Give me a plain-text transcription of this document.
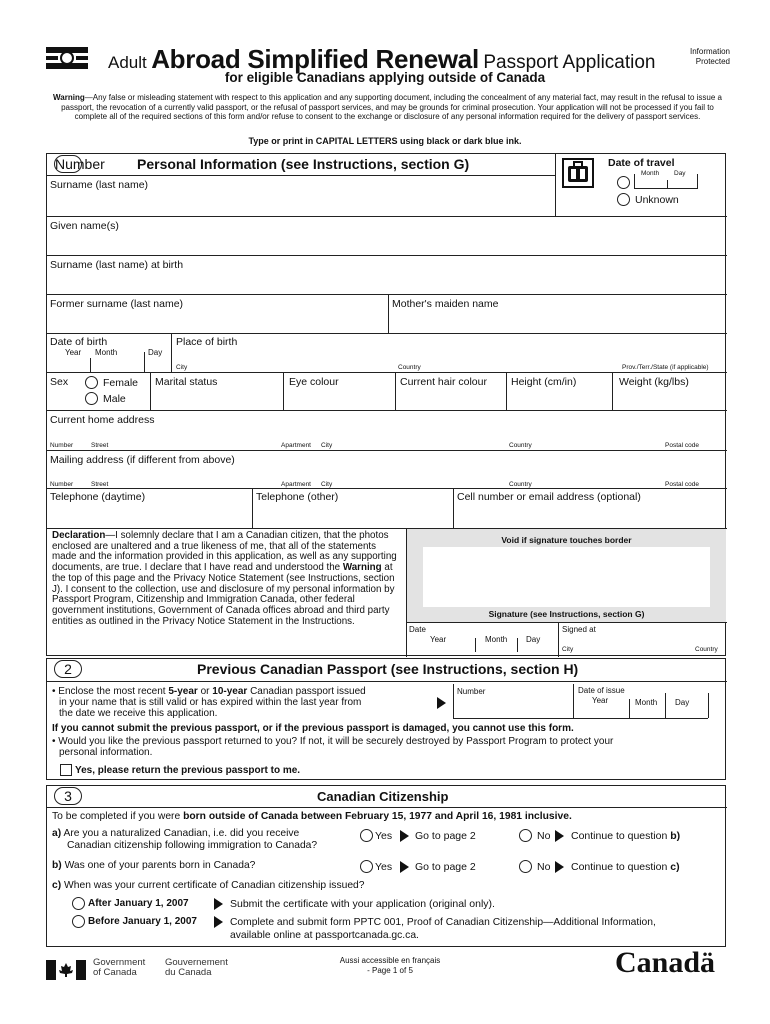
Adult Abroad Simplified Renewal Passport Application
Information
Protected
for eligible Canadians applying outside of Canada
Warning—Any false or misleading statement with respect to this application and any supporting document, including the concealment of any material fact, may result in the refusal to issue a passport, the revocation of a currently valid passport, or the refusal of passport services, and may be grounds for criminal prosecution. Your application will not be processed if you fail to complete all of the required sections of this form and/or refuse to consent to the exchange or disclosure of any personal information required for the delivery of passport services.
Type or print in CAPITAL LETTERS using black or dark blue ink.
Number Personal Information (see Instructions, section G)	Date of travel
Month Day
Unknown
Surname (last name)
Given name(s)
Surname (last name) at birth
Former surname (last name)	Mother's maiden name
Date of birth
Year Month	Day
Place of birth
City	Country	Prov./Terr./State (if applicable)
Sex	Female
Male
Marital status	Eye colour	Current hair colour Height (cm/in)	Weight (kg/lbs)
Current home address
Number	Street	Apartment City	Country	Postal code
Mailing address (if different from above)
Number	Street	Apartment City	Country	Postal code
Telephone (daytime)	Telephone (other)	Cell number or email address (optional)
Declaration—I solemnly declare that I am a Canadian citizen, that the photos enclosed are unaltered and a true likeness of me, that all of the statements made and the information provided in this application, as well as any supporting documents, are true. I declare that I have read and understood the Warning at the top of this page and the Privacy Notice Statement (see Instructions, section J). I consent to the collection, use and disclosure of my personal information by Passport Program, Citizenship and Immigration Canada, other federal government institutions, Government of Canada offices abroad and third party entities as outlined in the Privacy Notice Statement in the Instructions.
Void if signature touches border
Signature (see Instructions, section G)
Date
Year	Month Day
Signed at
City	Country
2	Previous Canadian Passport (see Instructions, section H)
• Enclose the most recent 5-year or 10-year Canadian passport issued
in your name that is still valid or has expired within the last year from
the date we receive this application.
Number	Date of issue
Year	Month Day
If you cannot submit the previous passport, or if the previous passport is damaged, you cannot use this form.
• Would you like the previous passport returned to you? If not, it will be securely destroyed by Passport Program to protect your
personal information.
Yes, please return the previous passport to me.
3	Canadian Citizenship
To be completed if you were born outside of Canada between February 15, 1977 and April 16, 1981 inclusive.
a) Are you a naturalized Canadian, i.e. did you receive
Canadian citizenship following immigration to Canada?
Yes Go to page 2	No Continue to question b)
b) Was one of your parents born in Canada?	Yes Go to page 2	No Continue to question c)
c) When was your current certificate of Canadian citizenship issued?
After January 1, 2007	Submit the certificate with your application (original only).
Before January 1, 2007	Complete and submit form PPTC 001, Proof of Canadian Citizenship—Additional Information,
available online at passportcanada.gc.ca.
Government
of Canada
Gouvernement
du Canada
Aussi accessible en français
- Page 1 of 5	Canadä
